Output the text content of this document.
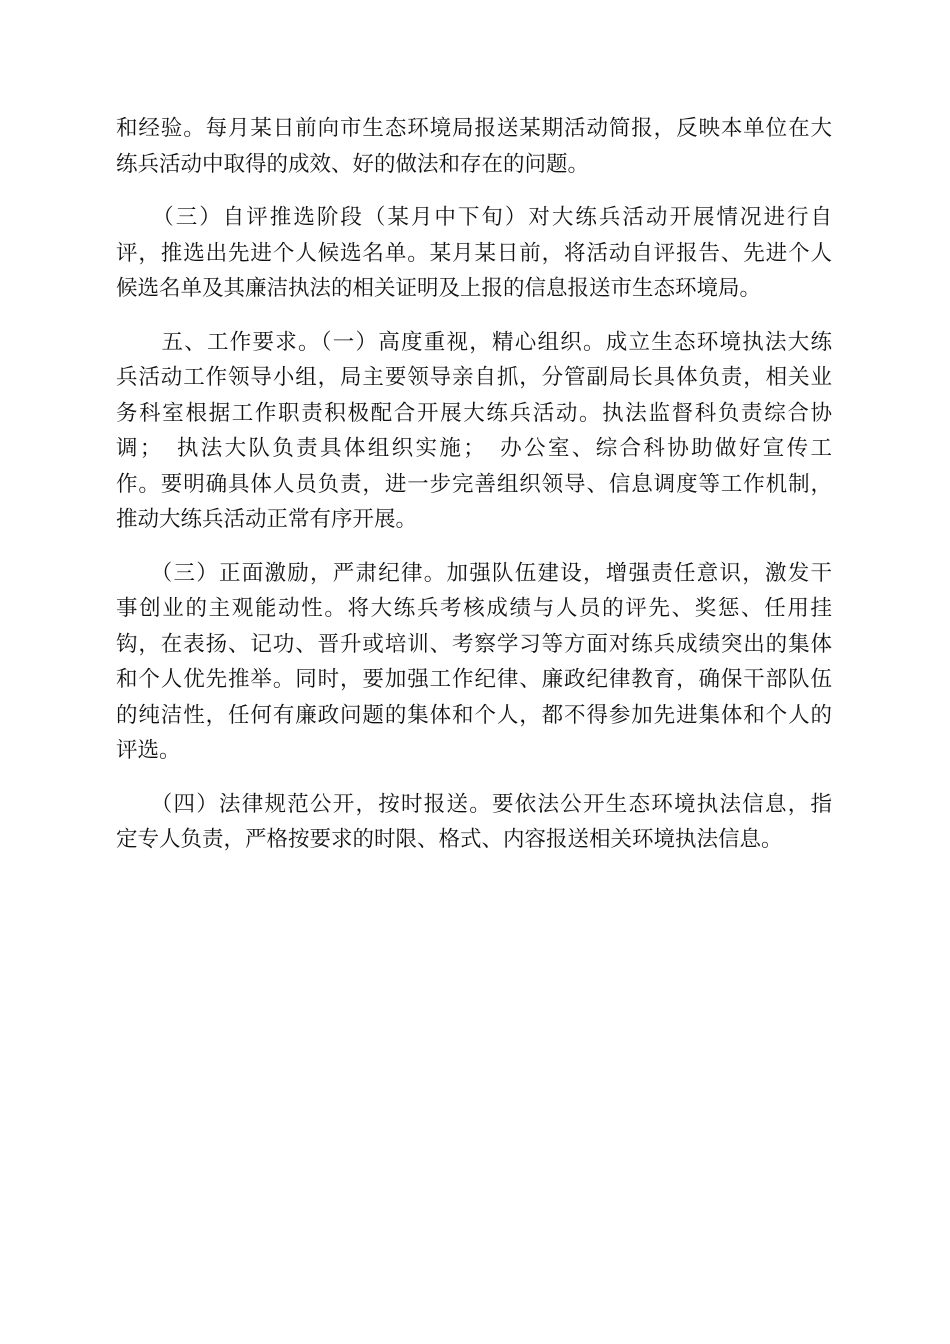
和经验。每月某日前向市生态环境局报送某期活动简报，反映本单位在大
练兵活动中取得的成效、好的做法和存在的问题。
　　（三）自评推选阶段（某月中下旬）对大练兵活动开展情况进行自
评，推选出先进个人候选名单。某月某日前，将活动自评报告、先进个人
候选名单及其廉洁执法的相关证明及上报的信息报送市生态环境局。
　　五、工作要求。（一）高度重视，精心组织。成立生态环境执法大练
兵活动工作领导小组，局主要领导亲自抓，分管副局长具体负责，相关业
务科室根据工作职责积极配合开展大练兵活动。执法监督科负责综合协
调；　执法大队负责具体组织实施；　办公室、综合科协助做好宣传工
作。要明确具体人员负责，进一步完善组织领导、信息调度等工作机制，
推动大练兵活动正常有序开展。
　　（三）正面激励，严肃纪律。加强队伍建设，增强责任意识，激发干
事创业的主观能动性。将大练兵考核成绩与人员的评先、奖惩、任用挂
钩，在表扬、记功、晋升或培训、考察学习等方面对练兵成绩突出的集体
和个人优先推举。同时，要加强工作纪律、廉政纪律教育，确保干部队伍
的纯洁性，任何有廉政问题的集体和个人，都不得参加先进集体和个人的
评选。
　　（四）法律规范公开，按时报送。要依法公开生态环境执法信息，指
定专人负责，严格按要求的时限、格式、内容报送相关环境执法信息。
